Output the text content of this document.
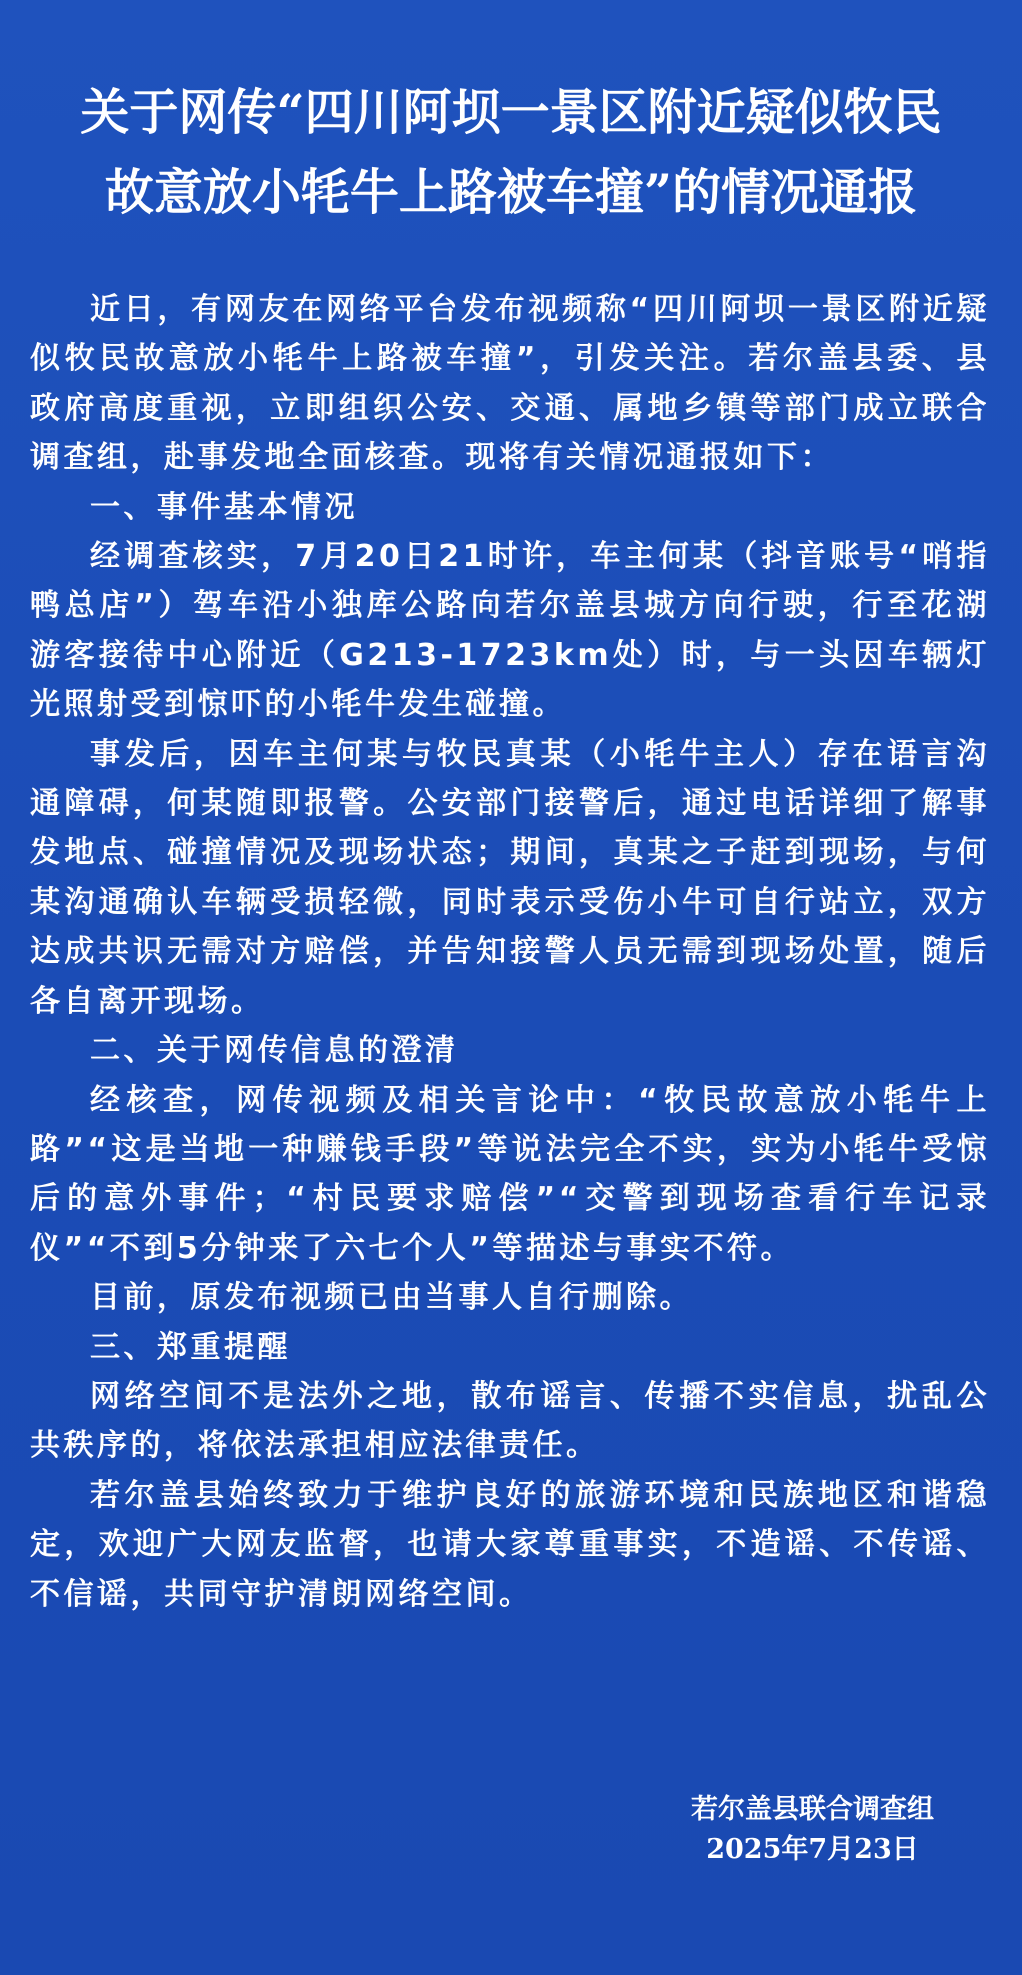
关于网传“四川阿坝一景区附近疑似牧民
故意放小牦牛上路被车撞”的情况通报

近日，有网友在网络平台发布视频称“四川阿坝一景区附近疑似牧民故意放小牦牛上路被车撞”，引发关注。若尔盖县委、县政府高度重视，立即组织公安、交通、属地乡镇等部门成立联合调查组，赴事发地全面核查。现将有关情况通报如下：

一、事件基本情况

经调查核实，7月20日21时许，车主何某（抖音账号“哨指鸭总店”）驾车沿小独库公路向若尔盖县城方向行驶，行至花湖游客接待中心附近（G213-1723km处）时，与一头因车辆灯光照射受到惊吓的小牦牛发生碰撞。

事发后，因车主何某与牧民真某（小牦牛主人）存在语言沟通障碍，何某随即报警。公安部门接警后，通过电话详细了解事发地点、碰撞情况及现场状态；期间，真某之子赶到现场，与何某沟通确认车辆受损轻微，同时表示受伤小牛可自行站立，双方达成共识无需对方赔偿，并告知接警人员无需到现场处置，随后各自离开现场。

二、关于网传信息的澄清

经核查，网传视频及相关言论中：“牧民故意放小牦牛上路”“这是当地一种赚钱手段”等说法完全不实，实为小牦牛受惊后的意外事件；“村民要求赔偿”“交警到现场查看行车记录仪”“不到5分钟来了六七个人”等描述与事实不符。

目前，原发布视频已由当事人自行删除。

三、郑重提醒

网络空间不是法外之地，散布谣言、传播不实信息，扰乱公共秩序的，将依法承担相应法律责任。

若尔盖县始终致力于维护良好的旅游环境和民族地区和谐稳定，欢迎广大网友监督，也请大家尊重事实，不造谣、不传谣、不信谣，共同守护清朗网络空间。

若尔盖县联合调查组
2025年7月23日
